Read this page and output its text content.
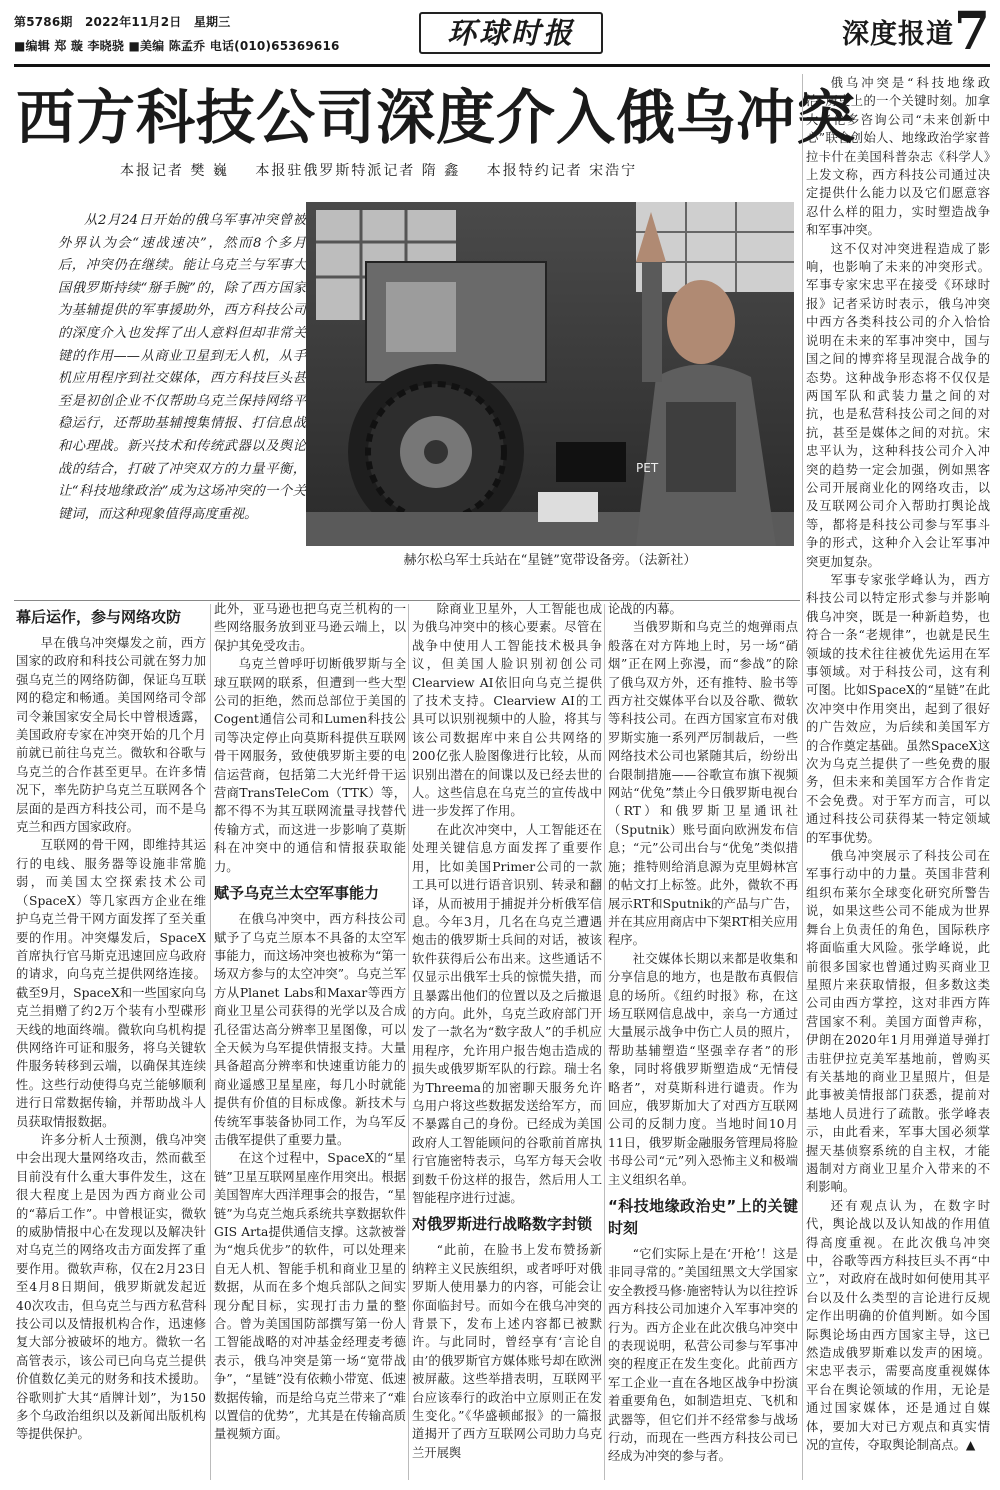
第5786期 2022年11月2日 星期三
■编辑 郑 璇 李晓骁 ■美编 陈孟乔 电话(010)65369616	环球时报	深度报道 7
西方科技公司深度介入俄乌冲突
本报记者 樊 巍 本报驻俄罗斯特派记者 隋 鑫 本报特约记者 宋浩宁
从2月24日开始的俄乌军事冲突曾被外界认为会“速战速决”，然而8个多月后，冲突仍在继续。能让乌克兰与军事大国俄罗斯持续“掰手腕”的，除了西方国家为基辅提供的军事援助外，西方科技公司的深度介入也发挥了出人意料但却非常关键的作用——从商业卫星到无人机，从手机应用程序到社交媒体，西方科技巨头甚至是初创企业不仅帮助乌克兰保持网络平稳运行，还帮助基辅搜集情报、打信息战和心理战。新兴技术和传统武器以及舆论战的结合，打破了冲突双方的力量平衡，让“科技地缘政治”成为这场冲突的一个关键词，而这种现象值得高度重视。
PET
赫尔松乌军士兵站在“星链”宽带设备旁。（法新社）
幕后运作，参与网络攻防

早在俄乌冲突爆发之前，西方国家的政府和科技公司就在努力加强乌克兰的网络防御，保证乌互联网的稳定和畅通。美国网络司令部司令兼国家安全局长中曾根透露，美国政府专家在冲突开始的几个月前就已前往乌克兰。微软和谷歌与乌克兰的合作甚至更早。在许多情况下，率先防护乌克兰互联网各个层面的是西方科技公司，而不是乌克兰和西方国家政府。

互联网的骨干网，即维持其运行的电线、服务器等设施非常脆弱，而美国太空探索技术公司（SpaceX）等几家西方企业在维护乌克兰骨干网方面发挥了至关重要的作用。冲突爆发后，SpaceX首席执行官马斯克迅速回应乌政府的请求，向乌克兰提供网络连接。截至9月，SpaceX和一些国家向乌克兰捐赠了约2万个装有小型碟形天线的地面终端。微软向乌机构提供网络许可证和服务，将乌关键软件服务转移到云端，以确保其连续性。这些行动使得乌克兰能够顺利进行日常数据传输，并帮助战斗人员获取情报数据。

许多分析人士预测，俄乌冲突中会出现大量网络攻击，然而截至目前没有什么重大事件发生，这在很大程度上是因为西方商业公司的“幕后工作”。中曾根证实，微软的威胁情报中心在发现以及解决针对乌克兰的网络攻击方面发挥了重要作用。微软声称，仅在2月23日至4月8日期间，俄罗斯就发起近40次攻击，但乌克兰与西方私营科技公司以及情报机构合作，迅速修复大部分被破坏的地方。微软一名高管表示，该公司已向乌克兰提供价值数亿美元的财务和技术援助。谷歌则扩大其“盾牌计划”，为150多个乌政治组织以及新闻出版机构等提供保护。

此外，亚马逊也把乌克兰机构的一些网络服务放到亚马逊云端上，以保护其免受攻击。

乌克兰曾呼吁切断俄罗斯与全球互联网的联系，但遭到一些大型公司的拒绝，然而总部位于美国的Cogent通信公司和Lumen科技公司等决定停止向莫斯科提供互联网骨干网服务，致使俄罗斯主要的电信运营商，包括第二大光纤骨干运营商TransTeleCom（TTK）等，都不得不为其互联网流量寻找替代传输方式，而这进一步影响了莫斯科在冲突中的通信和情报获取能力。

赋予乌克兰太空军事能力

在俄乌冲突中，西方科技公司赋予了乌克兰原本不具备的太空军事能力，而这场冲突也被称为“第一场双方参与的太空冲突”。乌克兰军方从Planet Labs和Maxar等西方商业卫星公司获得的光学以及合成孔径雷达高分辨率卫星图像，可以全天候为乌军提供情报支持。大量具备超高分辨率和快速重访能力的商业遥感卫星星座，每几小时就能提供有价值的目标成像。新技术与传统军事装备协同工作，为乌军反击俄军提供了重要力量。

在这个过程中，SpaceX的“星链”卫星互联网星座作用突出。根据美国智库大西洋理事会的报告，“星链”为乌克兰炮兵系统共享数据软件GIS Arta提供通信支撑。这款被誉为“炮兵优步”的软件，可以处理来自无人机、智能手机和商业卫星的数据，从而在多个炮兵部队之间实现分配目标，实现打击力量的整合。曾为美国国防部撰写第一份人工智能战略的对冲基金经理麦考德表示，俄乌冲突是第一场“宽带战争”，“星链”没有依赖小带宽、低速数据传输，而是给乌克兰带来了“难以置信的优势”，尤其是在传输高质量视频方面。

除商业卫星外，人工智能也成为俄乌冲突中的核心要素。尽管在战争中使用人工智能技术极具争议，但美国人脸识别初创公司Clearview AI依旧向乌克兰提供了技术支持。Clearview AI的工具可以识别视频中的人脸，将其与该公司数据库中来自公共网络的200亿张人脸图像进行比较，从而识别出潜在的间谍以及已经去世的人。这些信息在乌克兰的宣传战中进一步发挥了作用。

在此次冲突中，人工智能还在处理关键信息方面发挥了重要作用，比如美国Primer公司的一款工具可以进行语音识别、转录和翻译，从而被用于捕捉并分析俄军信息。今年3月，几名在乌克兰遭遇炮击的俄罗斯士兵间的对话，被该软件获得后公布出来。这些通话不仅显示出俄军士兵的惊慌失措，而且暴露出他们的位置以及之后撤退的方向。此外，乌克兰政府部门开发了一款名为“数字敌人”的手机应用程序，允许用户报告炮击造成的损失或俄罗斯军队的行踪。瑞士名为Threema的加密聊天服务允许乌用户将这些数据发送给军方，而不暴露自己的身份。已经成为美国政府人工智能顾问的谷歌前首席执行官施密特表示，乌军方每天会收到数千份这样的报告，然后用人工智能程序进行过滤。

对俄罗斯进行战略数字封锁

“此前，在脸书上发布赞扬新纳粹主义民族组织，或者呼吁对俄罗斯人使用暴力的内容，可能会让你面临封号。而如今在俄乌冲突的背景下，发布上述内容都已被默许。与此同时，曾经享有‘言论自由’的俄罗斯官方媒体账号却在欧洲被屏蔽。这些举措表明，互联网平台应该奉行的政治中立原则正在发生变化。”《华盛顿邮报》的一篇报道揭开了西方互联网公司助力乌克兰开展舆

论战的内幕。

当俄罗斯和乌克兰的炮弹雨点般落在对方阵地上时，另一场“硝烟”正在网上弥漫，而“参战”的除了俄乌双方外，还有推特、脸书等西方社交媒体平台以及谷歌、微软等科技公司。在西方国家宣布对俄罗斯实施一系列严厉制裁后，一些网络技术公司也紧随其后，纷纷出台限制措施——谷歌宣布旗下视频网站“优兔”禁止今日俄罗斯电视台（RT）和俄罗斯卫星通讯社（Sputnik）账号面向欧洲发布信息；“元”公司出台与“优兔”类似措施；推特则给消息源为克里姆林宫的帖文打上标签。此外，微软不再展示RT和Sputnik的产品与广告，并在其应用商店中下架RT相关应用程序。

社交媒体长期以来都是收集和分享信息的地方，也是散布真假信息的场所。《纽约时报》称，在这场互联网信息战中，亲乌一方通过大量展示战争中伤亡人员的照片，帮助基辅塑造“坚强幸存者”的形象，同时将俄罗斯塑造成“无情侵略者”，对莫斯科进行谴责。作为回应，俄罗斯加大了对西方互联网公司的反制力度。当地时间10月11日，俄罗斯金融服务管理局将脸书母公司“元”列入恐怖主义和极端主义组织名单。

“科技地缘政治史”上的关键时刻

“它们实际上是在‘开枪’！这是非同寻常的。”美国纽黑文大学国家安全教授马修·施密特认为以往控诉西方科技公司加速介入军事冲突的行为。西方企业在此次俄乌冲突中的表现说明，私营公司参与军事冲突的程度正在发生变化。此前西方军工企业一直在各地区战争中扮演着重要角色，如制造坦克、飞机和武器等，但它们并不经常参与战场行动，而现在一些西方科技公司已经成为冲突的参与者。

俄乌冲突是“科技地缘政治”历史上的一个关键时刻。加拿大多伦多咨询公司“未来创新中心”联合创始人、地缘政治学家普拉卡什在美国科普杂志《科学人》上发文称，西方科技公司通过决定提供什么能力以及它们愿意容忍什么样的阻力，实时塑造战争和军事冲突。

这不仅对冲突进程造成了影响，也影响了未来的冲突形式。军事专家宋忠平在接受《环球时报》记者采访时表示，俄乌冲突中西方各类科技公司的介入恰恰说明在未来的军事冲突中，国与国之间的博弈将呈现混合战争的态势。这种战争形态将不仅仅是两国军队和武装力量之间的对抗，也是私营科技公司之间的对抗，甚至是媒体之间的对抗。宋忠平认为，这种科技公司介入冲突的趋势一定会加强，例如黑客公司开展商业化的网络攻击，以及互联网公司介入帮助打舆论战等，都将是科技公司参与军事斗争的形式，这种介入会让军事冲突更加复杂。

军事专家张学峰认为，西方科技公司以特定形式参与并影响俄乌冲突，既是一种新趋势，也符合一条“老规律”，也就是民生领域的技术往往被优先运用在军事领域。对于科技公司，这有利可图。比如SpaceX的“星链”在此次冲突中作用突出，起到了很好的广告效应，为后续和美国军方的合作奠定基础。虽然SpaceX这次为乌克兰提供了一些免费的服务，但未来和美国军方合作肯定不会免费。对于军方而言，可以通过科技公司获得某一特定领域的军事优势。

俄乌冲突展示了科技公司在军事行动中的力量。英国非营利组织布莱尔全球变化研究所警告说，如果这些公司不能成为世界舞台上负责任的角色，国际秩序将面临重大风险。张学峰说，此前很多国家也曾通过购买商业卫星照片来获取情报，但多数这类公司由西方掌控，这对非西方阵营国家不利。美国方面曾声称，伊朗在2020年1月用弹道导弹打击驻伊拉克美军基地前，曾购买有关基地的商业卫星照片，但是此事被美情报部门获悉，提前对基地人员进行了疏散。张学峰表示，由此看来，军事大国必须掌握天基侦察系统的自主权，才能遏制对方商业卫星介入带来的不利影响。

还有观点认为，在数字时代，舆论战以及认知战的作用值得高度重视。在此次俄乌冲突中，谷歌等西方科技巨头不再“中立”，对政府在战时如何使用其平台以及什么类型的言论进行反规定作出明确的价值判断。如今国际舆论场由西方国家主导，这已然造成俄罗斯难以发声的困境。宋忠平表示，需要高度重视媒体平台在舆论领域的作用，无论是通过国家媒体，还是通过自媒体，要加大对已方观点和真实情况的宣传，夺取舆论制高点。▲
